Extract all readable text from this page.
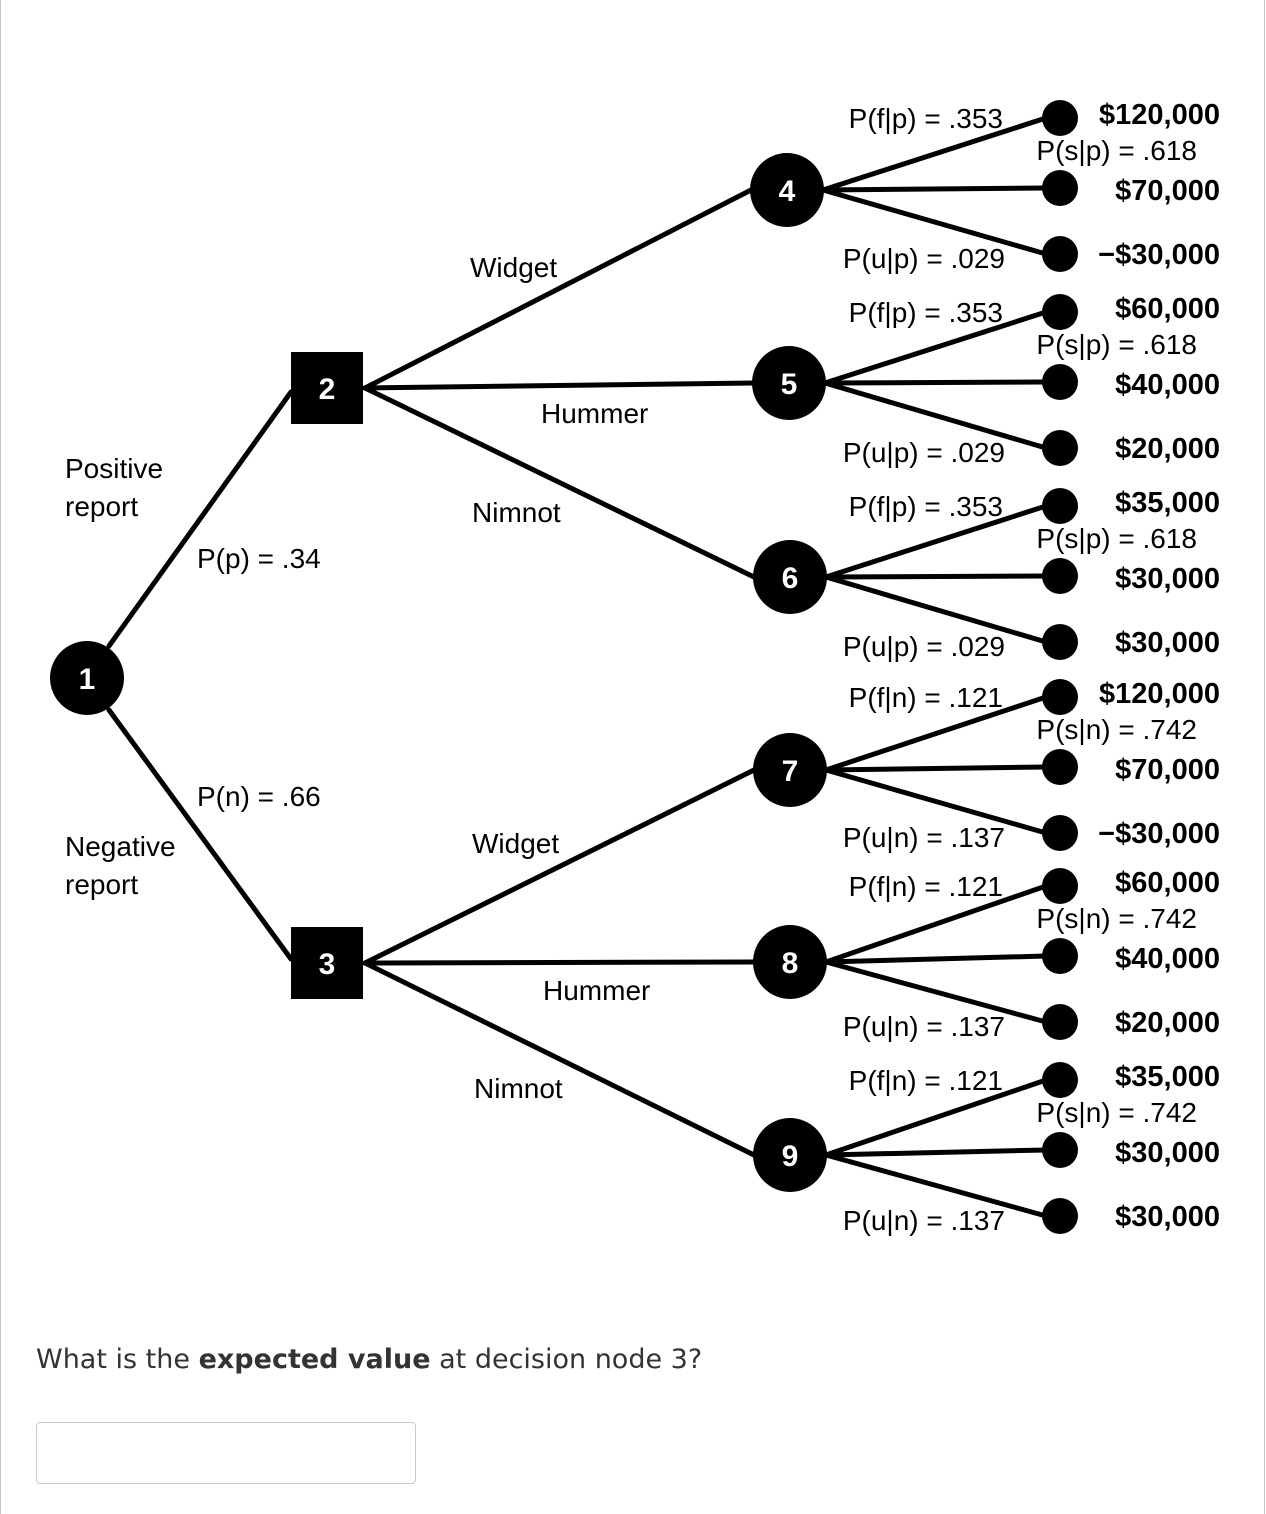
P(f|p) = .353
P(s|p) = .618
P(u|p) = .029
$120,000
$70,000
−$30,000
P(f|p) = .353
P(s|p) = .618
P(u|p) = .029
$60,000
$40,000
$20,000
P(f|p) = .353
P(s|p) = .618
P(u|p) = .029
$35,000
$30,000
$30,000
P(f|n) = .121
P(s|n) = .742
P(u|n) = .137
$120,000
$70,000
−$30,000
P(f|n) = .121
P(s|n) = .742
P(u|n) = .137
$60,000
$40,000
$20,000
P(f|n) = .121
P(s|n) = .742
P(u|n) = .137
$35,000
$30,000
$30,000
2
3
1
4
5
6
7
8
9
Positive
report
Negative
report
P(p) = .34
P(n) = .66
Widget
Hummer
Nimnot
Widget
Hummer
Nimnot
What is the expected value at decision node 3?
